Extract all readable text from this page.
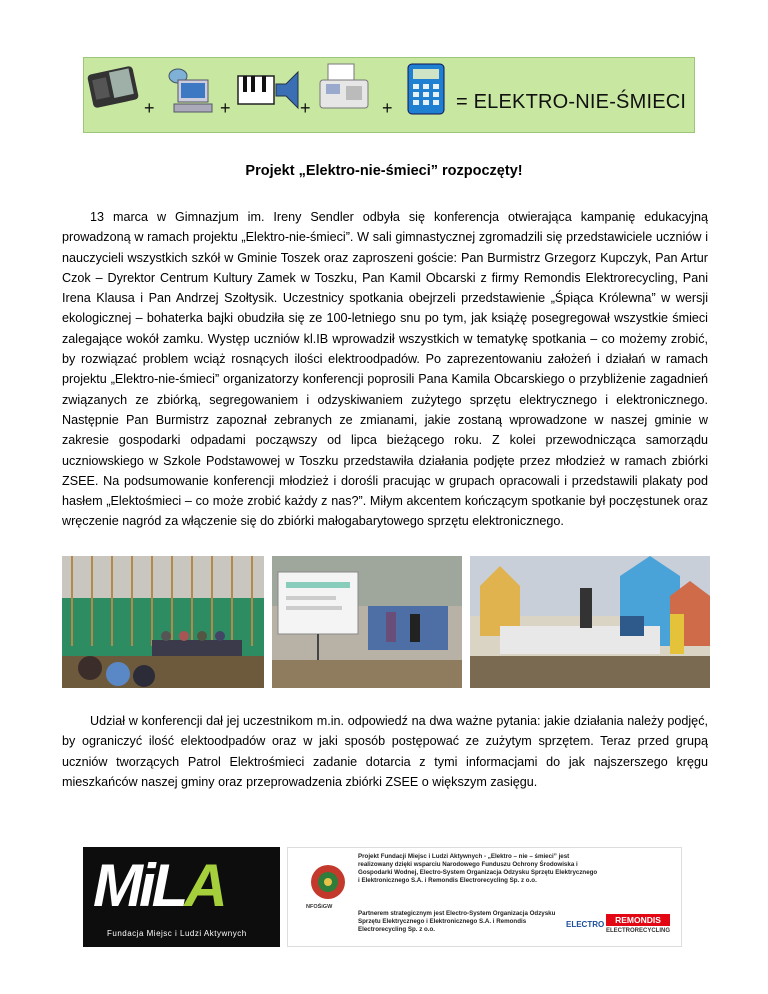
+	+	+	+	= ELEKTRO-NIE-ŚMIECI
Projekt „Elektro-nie-śmieci” rozpoczęty!
13 marca w Gimnazjum im. Ireny Sendler odbyła się konferencja otwierająca kampanię edukacyjną prowadzoną w ramach projektu „Elektro-nie-śmieci”. W sali gimnastycznej zgromadzili się przedstawiciele uczniów i nauczycieli wszystkich szkół w Gminie Toszek oraz zaproszeni goście: Pan Burmistrz Grzegorz Kupczyk, Pan Artur Czok – Dyrektor Centrum Kultury Zamek w Toszku, Pan Kamil Obcarski z firmy Remondis Elektrorecycling, Pani Irena Klausa i Pan Andrzej Szołtysik. Uczestnicy spotkania obejrzeli przedstawienie „Śpiąca Królewna” w wersji ekologicznej – bohaterka bajki obudziła się ze 100-letniego snu po tym, jak książę posegregował wszystkie śmieci zalegające wokół zamku. Występ uczniów kl.IB wprowadził wszystkich w tematykę spotkania – co możemy zrobić, by rozwiązać problem wciąż rosnących ilości elektroodpadów. Po zaprezentowaniu założeń i działań w ramach projektu „Elektro-nie-śmieci” organizatorzy konferencji poprosili Pana Kamila Obcarskiego o przybliżenie zagadnień związanych ze zbiórką, segregowaniem i odzyskiwaniem zużytego sprzętu elektrycznego i elektronicznego. Następnie Pan Burmistrz zapoznał zebranych ze zmianami, jakie zostaną wprowadzone w naszej gminie w zakresie gospodarki odpadami począwszy od lipca bieżącego roku. Z kolei przewodnicząca samorządu uczniowskiego w Szkole Podstawowej w Toszku przedstawiła działania podjęte przez młodzież w ramach zbiórki ZSEE. Na podsumowanie konferencji młodzież i dorośli pracując w grupach opracowali i przedstawili plakaty pod hasłem „Elektośmieci – co może zrobić każdy z nas?”. Miłym akcentem kończącym spotkanie był poczęstunek oraz wręczenie nagród za włączenie się do zbiórki małogabarytowego sprzętu elektronicznego.
Udział w konferencji dał jej uczestnikom m.in. odpowiedź na dwa ważne pytania: jakie działania należy podjęć, by ograniczyć ilość elektoodpadów oraz w jaki sposób postępować ze zużytym sprzętem. Teraz przed grupą uczniów tworzących Patrol Elektrośmieci zadanie dotarcia z tymi informacjami do jak najszerszego kręgu mieszkańców naszej gminy oraz przeprowadzenia zbiórki ZSEE o większym zasięgu.
MiLA
Fundacja Miejsc i Ludzi Aktywnych
NFOŚiGW
Projekt Fundacji Miejsc i Ludzi Aktywnych - „Elektro – nie – śmieci” jest realizowany dzięki wsparciu Narodowego Funduszu Ochrony Środowiska i Gospodarki Wodnej, Electro-System Organizacja Odzysku Sprzętu Elektrycznego i Elektronicznego S.A. i Remondis Electrorecycling Sp. z o.o.
Partnerem strategicznym jest Electro-System Organizacja Odzysku Sprzętu Elektrycznego i Elektronicznego S.A. i Remondis Electrorecycling Sp. z o.o.
ELECTRO	REMONDIS
ELECTRORECYCLING
